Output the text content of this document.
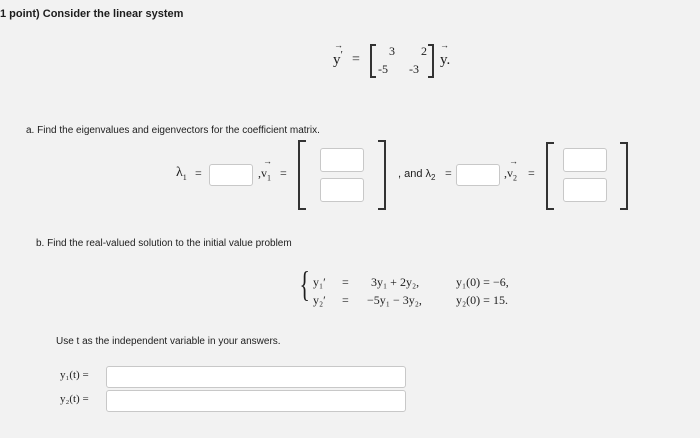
1 point) Consider the linear system
y′
→
=
3 2
-5 -3
y.
→
a. Find the eigenvalues and eigenvectors for the coefficient matrix.
$\lambda_1$ =	$,v_1$
→
=	, and $\lambda_2$ =	$,v_2$
→
=
b. Find the real-valued solution to the initial value problem
{ y₁′ = 3y₁ + 2y₂,	y₁(0) = −6,
y₂′ = −5y₁ − 3y₂,	y₂(0) = 15.
Use t as the independent variable in your answers.
y₁(t) =
y₂(t) =
